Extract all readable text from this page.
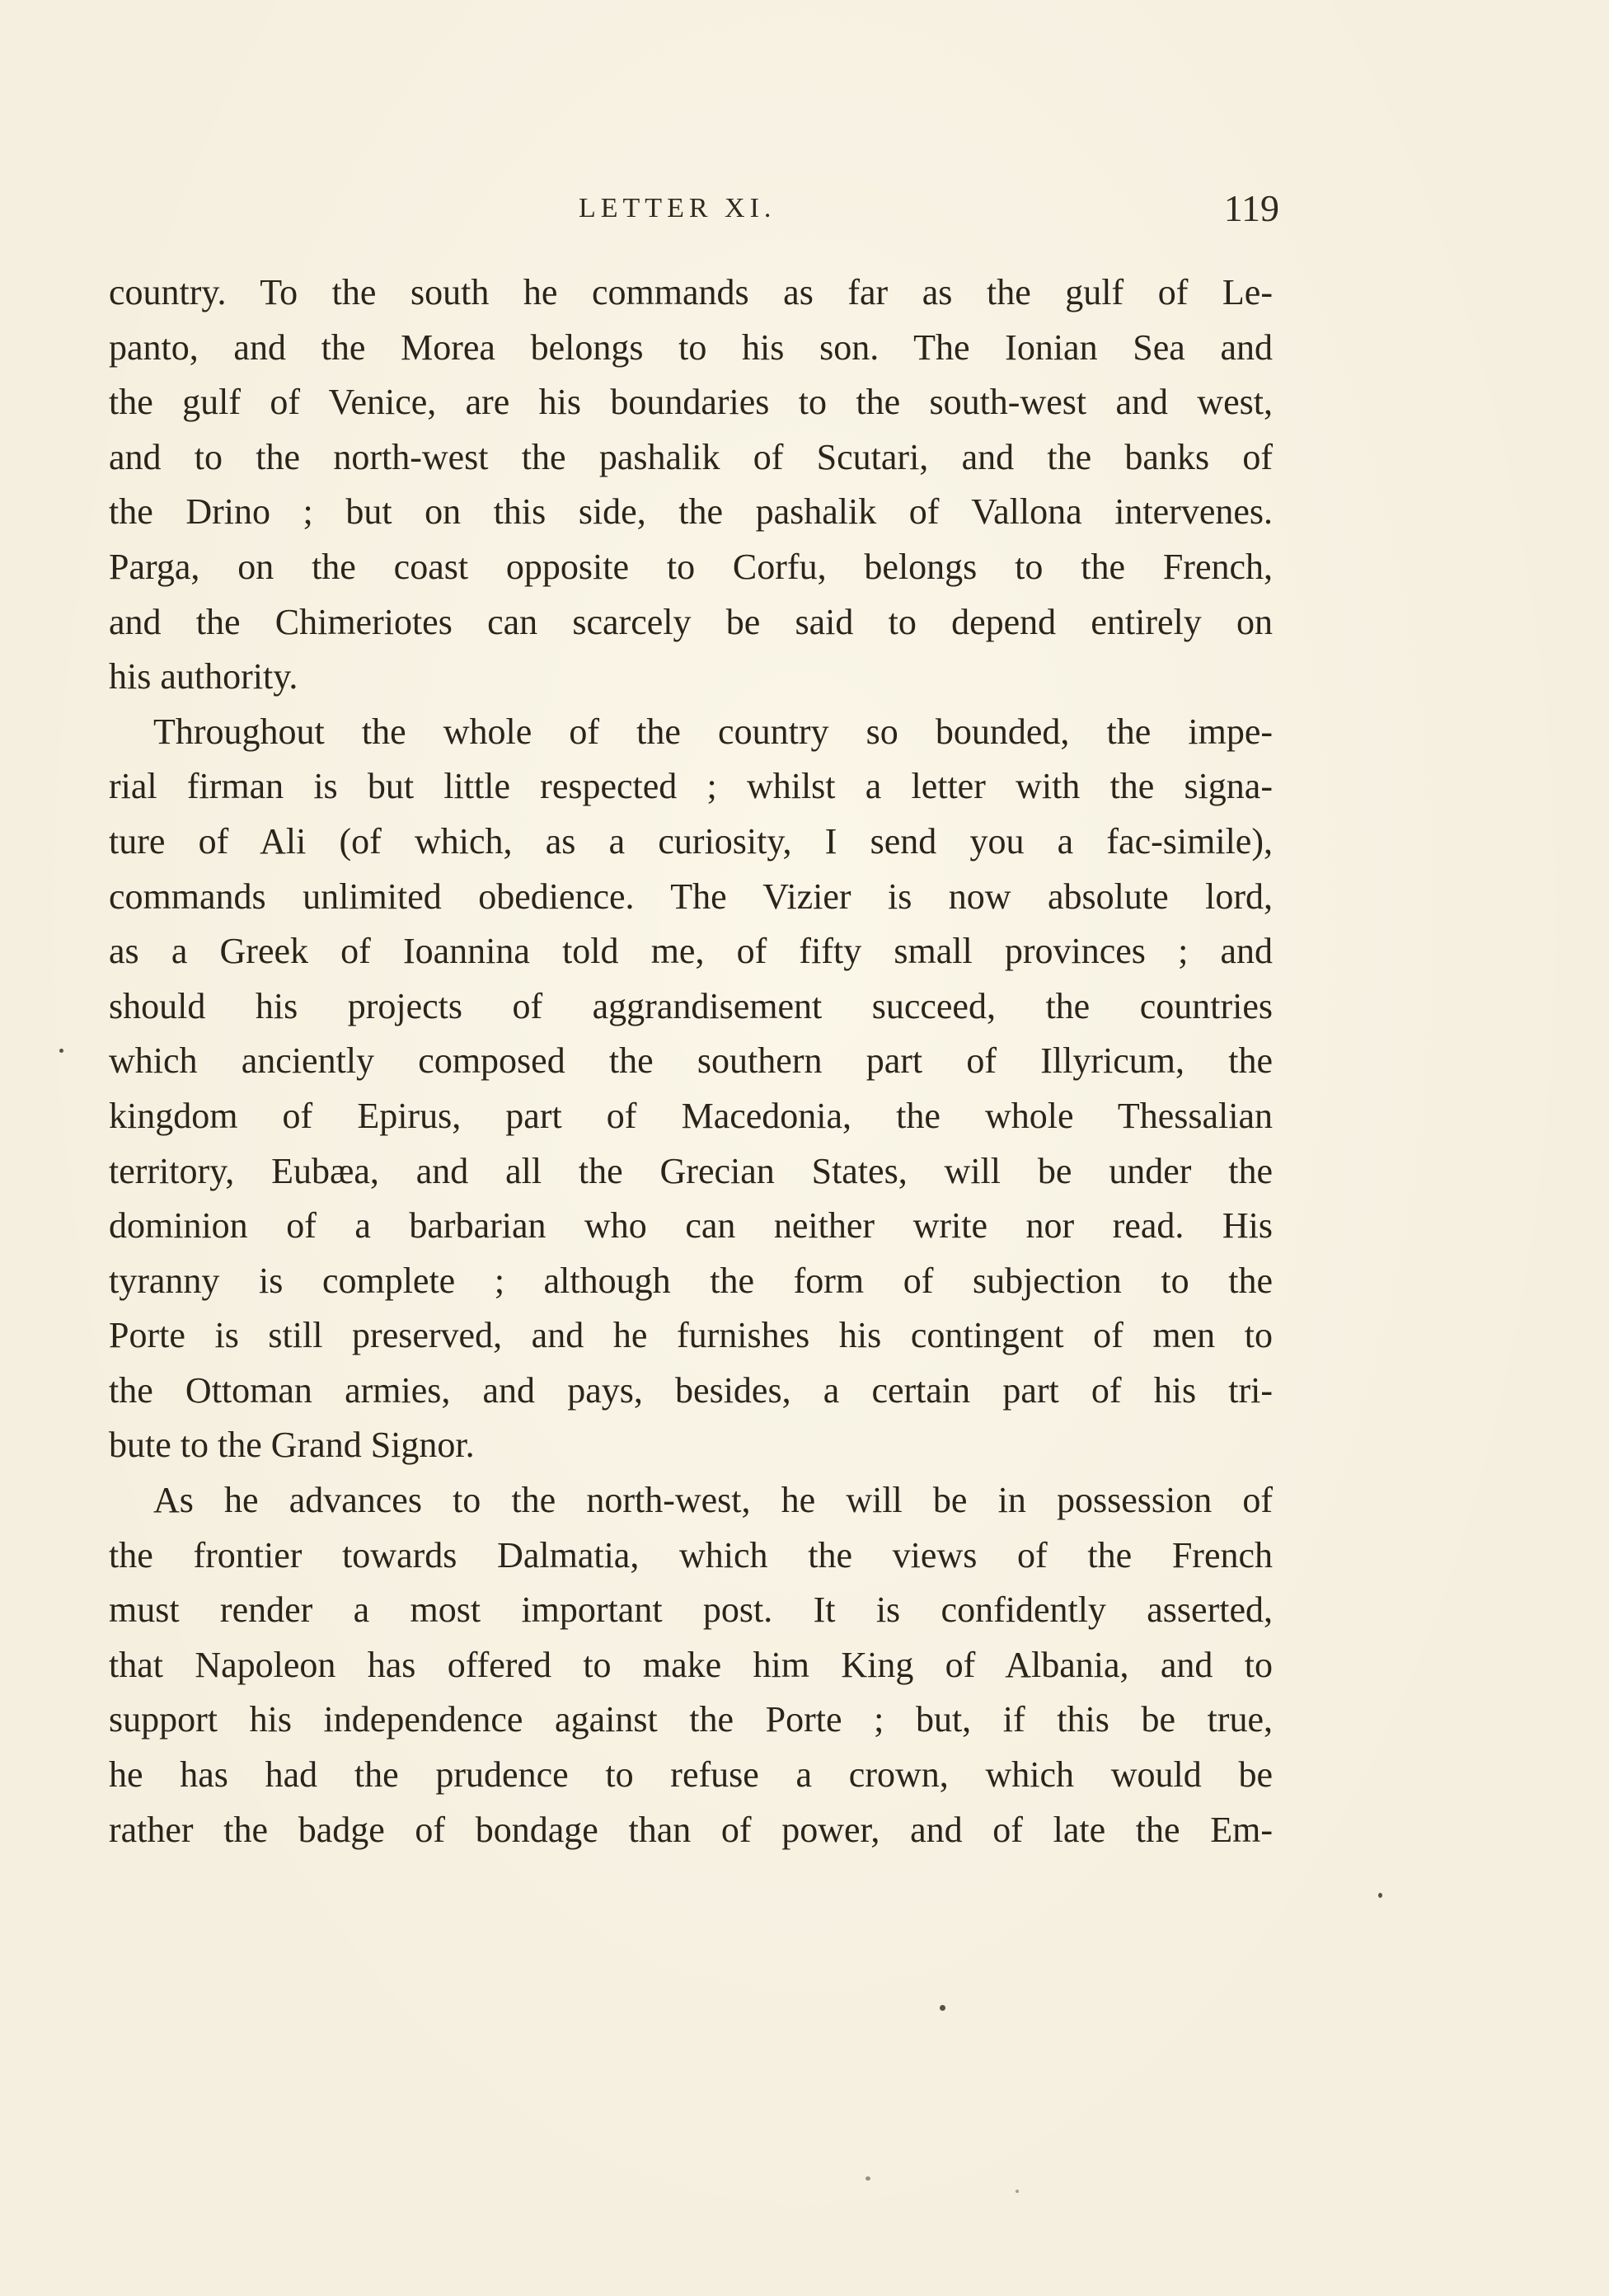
LETTER XI.	119
country. To the south he commands as far as the gulf of Le-
panto, and the Morea belongs to his son. The Ionian Sea and
the gulf of Venice, are his boundaries to the south-west and west,
and to the north-west the pashalik of Scutari, and the banks of
the Drino ; but on this side, the pashalik of Vallona intervenes.
Parga, on the coast opposite to Corfu, belongs to the French,
and the Chimeriotes can scarcely be said to depend entirely on
his authority.
Throughout the whole of the country so bounded, the impe-
rial firman is but little respected ; whilst a letter with the signa-
ture of Ali (of which, as a curiosity, I send you a fac-simile),
commands unlimited obedience. The Vizier is now absolute lord,
as a Greek of Ioannina told me, of fifty small provinces ; and
should his projects of aggrandisement succeed, the countries
which anciently composed the southern part of Illyricum, the
kingdom of Epirus, part of Macedonia, the whole Thessalian
territory, Eubæa, and all the Grecian States, will be under the
dominion of a barbarian who can neither write nor read. His
tyranny is complete ; although the form of subjection to the
Porte is still preserved, and he furnishes his contingent of men to
the Ottoman armies, and pays, besides, a certain part of his tri-
bute to the Grand Signor.
As he advances to the north-west, he will be in possession of
the frontier towards Dalmatia, which the views of the French
must render a most important post. It is confidently asserted,
that Napoleon has offered to make him King of Albania, and to
support his independence against the Porte ; but, if this be true,
he has had the prudence to refuse a crown, which would be
rather the badge of bondage than of power, and of late the Em-
